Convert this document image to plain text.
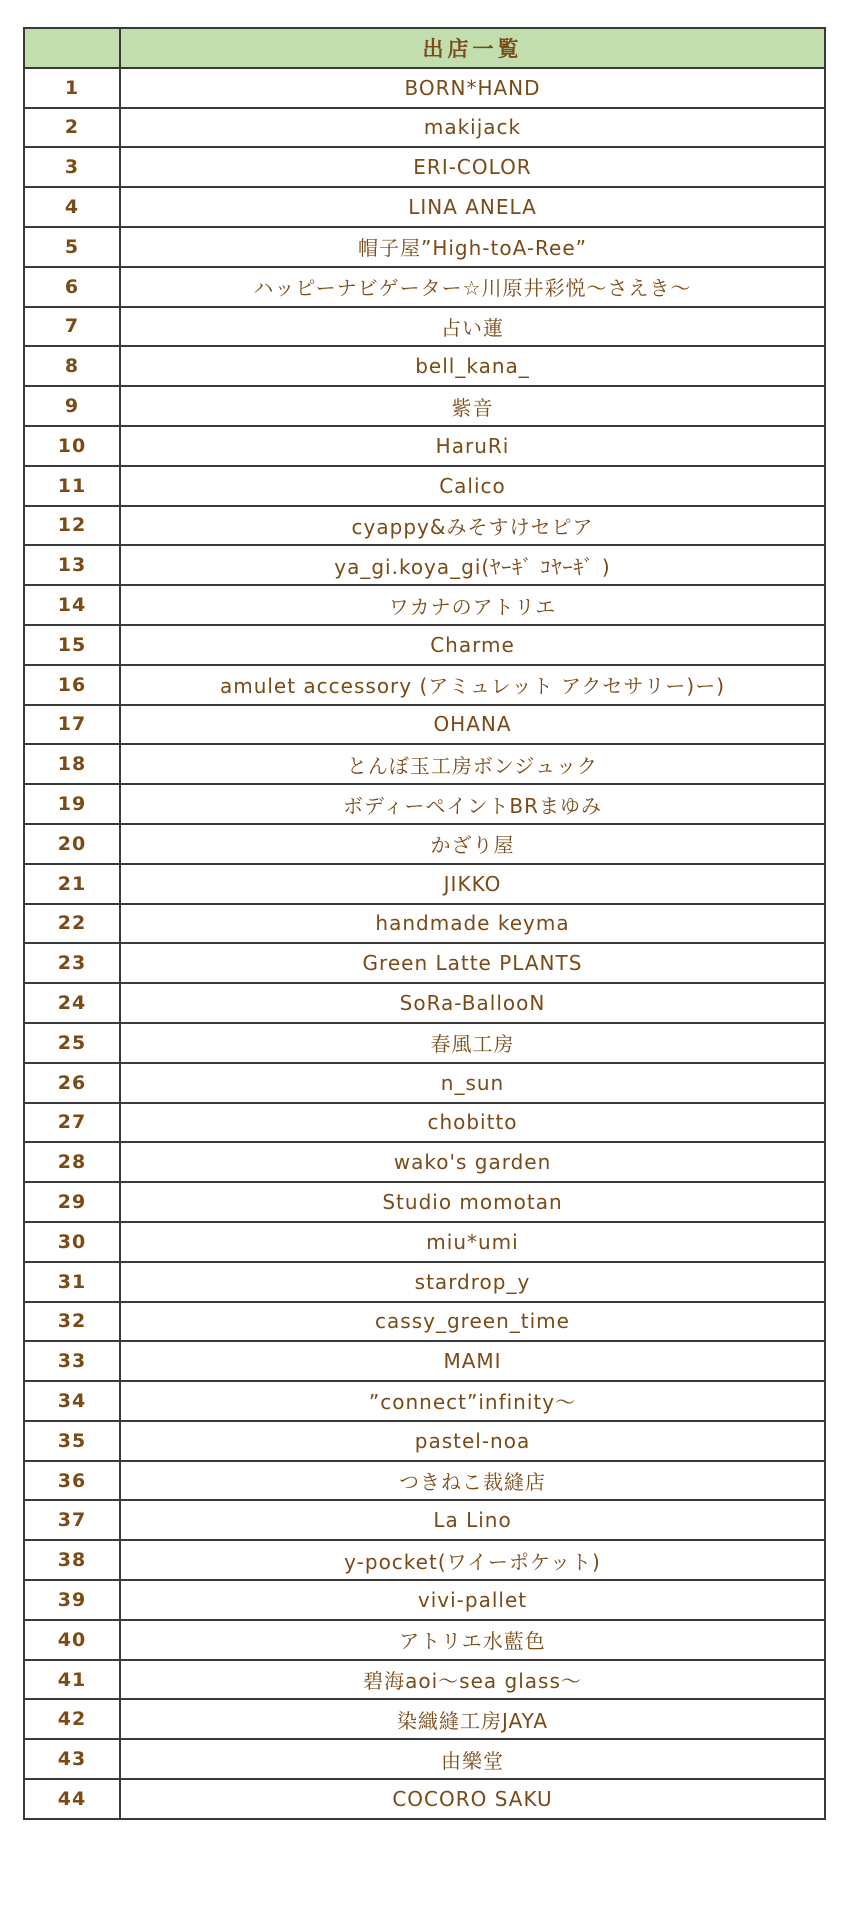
	出店一覧
1	BORN*HAND
2	makijack
3	ERI-COLOR
4	LINA ANELA
5	帽子屋”High-toA-Ree”
6	ハッピーナビゲーター☆川原井彩悦〜さえき〜
7	占い蓮
8	bell_kana_
9	紫音
10	HaruRi
11	Calico
12	cyappy&みそすけセピア
13	ya_gi.koya_gi(ﾔｰｷﾞ ｺﾔｰｷﾞ )
14	ワカナのアトリエ
15	Charme
16	amulet accessory (アミュレット アクセサリー)ー)
17	OHANA
18	とんぼ玉工房ボンジュック
19	ボディーペイントBRまゆみ
20	かざり屋
21	JIKKO
22	handmade keyma
23	Green Latte PLANTS
24	SoRa-BallooN
25	春風工房
26	n_sun
27	chobitto
28	wako's garden
29	Studio momotan
30	miu*umi
31	stardrop_y
32	cassy_green_time
33	MAMI
34	”connect”infinity〜
35	pastel-noa
36	つきねこ裁縫店
37	La Lino
38	y-pocket(ワイーポケット)
39	vivi-pallet
40	アトリエ水藍色
41	碧海aoi〜sea glass〜
42	染織縫工房JAYA
43	由樂堂
44	COCORO SAKU
